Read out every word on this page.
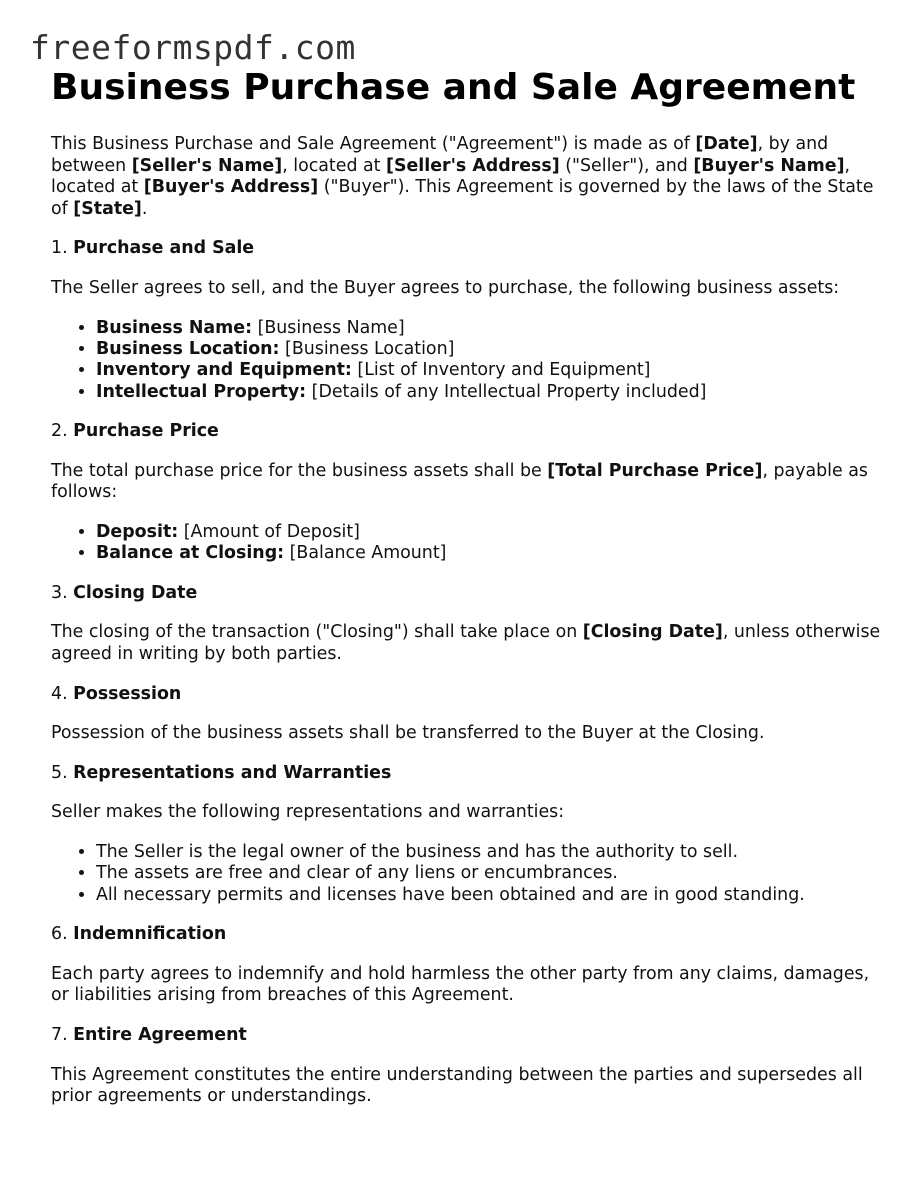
freeformspdf.com
Business Purchase and Sale Agreement

This Business Purchase and Sale Agreement ("Agreement") is made as of [Date], by and between [Seller's Name], located at [Seller's Address] ("Seller"), and [Buyer's Name], located at [Buyer's Address] ("Buyer"). This Agreement is governed by the laws of the State of [State].

1. Purchase and Sale

The Seller agrees to sell, and the Buyer agrees to purchase, the following business assets:

• Business Name: [Business Name]
• Business Location: [Business Location]
• Inventory and Equipment: [List of Inventory and Equipment]
• Intellectual Property: [Details of any Intellectual Property included]

2. Purchase Price

The total purchase price for the business assets shall be [Total Purchase Price], payable as follows:

• Deposit: [Amount of Deposit]
• Balance at Closing: [Balance Amount]

3. Closing Date

The closing of the transaction ("Closing") shall take place on [Closing Date], unless otherwise agreed in writing by both parties.

4. Possession

Possession of the business assets shall be transferred to the Buyer at the Closing.

5. Representations and Warranties

Seller makes the following representations and warranties:

• The Seller is the legal owner of the business and has the authority to sell.
• The assets are free and clear of any liens or encumbrances.
• All necessary permits and licenses have been obtained and are in good standing.

6. Indemnification

Each party agrees to indemnify and hold harmless the other party from any claims, damages, or liabilities arising from breaches of this Agreement.

7. Entire Agreement

This Agreement constitutes the entire understanding between the parties and supersedes all prior agreements or understandings.
